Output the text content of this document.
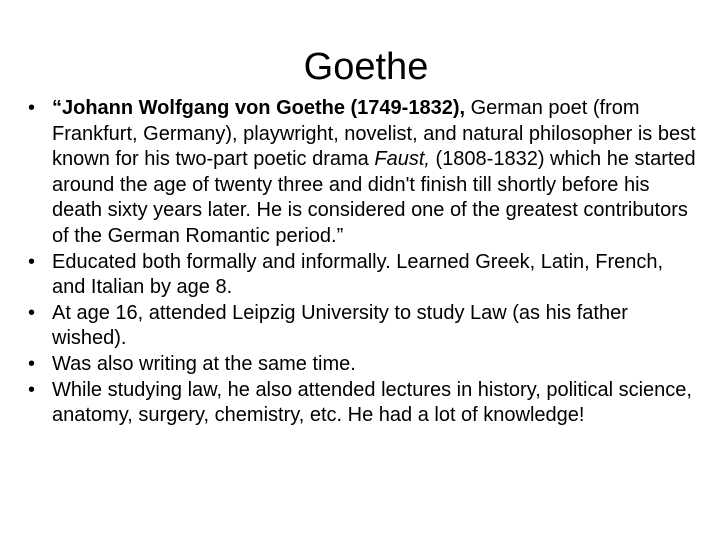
Goethe
• “Johann Wolfgang von Goethe (1749-1832), German poet (from Frankfurt, Germany), playwright, novelist, and natural philosopher is best known for his two-part poetic drama Faust, (1808-1832) which he started around the age of twenty three and didn't finish till shortly before his death sixty years later. He is considered one of the greatest contributors of the German Romantic period.”
• Educated both formally and informally. Learned Greek, Latin, French, and Italian by age 8.
• At age 16, attended Leipzig University to study Law (as his father wished).
• Was also writing at the same time.
• While studying law, he also attended lectures in history, political science, anatomy, surgery, chemistry, etc. He had a lot of knowledge!
